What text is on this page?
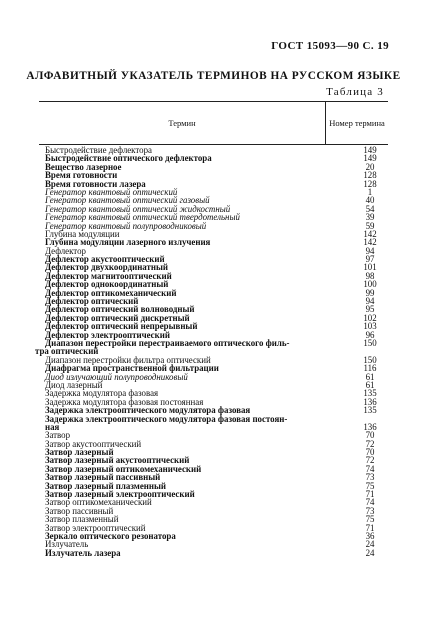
ГОСТ 15093—90 С. 19
АЛФАВИТНЫЙ УКАЗАТЕЛЬ ТЕРМИНОВ НА РУССКОМ ЯЗЫКЕ
Таблица 3
Термин	Номер термина
Быстродействие дефлектора	149
Быстродействие оптического дефлектора	149
Вещество лазерное	20
Время готовности	128
Время готовности лазера	128
Генератор квантовый оптический	1
Генератор квантовый оптический газовый	40
Генератор квантовый оптический жидкостный	54
Генератор квантовый оптический твердотельный	39
Генератор квантовый полупроводниковый	59
Глубина модуляции	142
Глубина модуляции лазерного излучения	142
Дефлектор	94
Дефлектор акустооптический	97
Дефлектор двухкоординатный	101
Дефлектор магнитооптический	98
Дефлектор однокоординатный	100
Дефлектор оптикомеханический	99
Дефлектор оптический	94
Дефлектор оптический волноводный	95
Дефлектор оптический дискретный	102
Дефлектор оптический непрерывный	103
Дефлектор электрооптический	96
Диапазон перестройки перестраиваемого оптического филь-	150
тра оптический
Диапазон перестройки фильтра оптический	150
Диафрагма пространственной фильтрации	116
Диод излучающий полупроводниковый	61
Диод лазерный	61
Задержка модулятора фазовая	135
Задержка модулятора фазовая постоянная	136
Задержка электрооптического модулятора фазовая	135
Задержка электрооптического модулятора фазовая постоян-
ная	136
Затвор	70
Затвор акустооптический	72
Затвор лазерный	70
Затвор лазерный акустооптический	72
Затвор лазерный оптикомеханический	74
Затвор лазерный пассивный	73
Затвор лазерный плазменный	75
Затвор лазерный электрооптический	71
Затвор оптикомеханический	74
Затвор пассивный	73
Затвор плазменный	75
Затвор электрооптический	71
Зеркало оптического резонатора	36
Излучатель	24
Излучатель лазера	24
